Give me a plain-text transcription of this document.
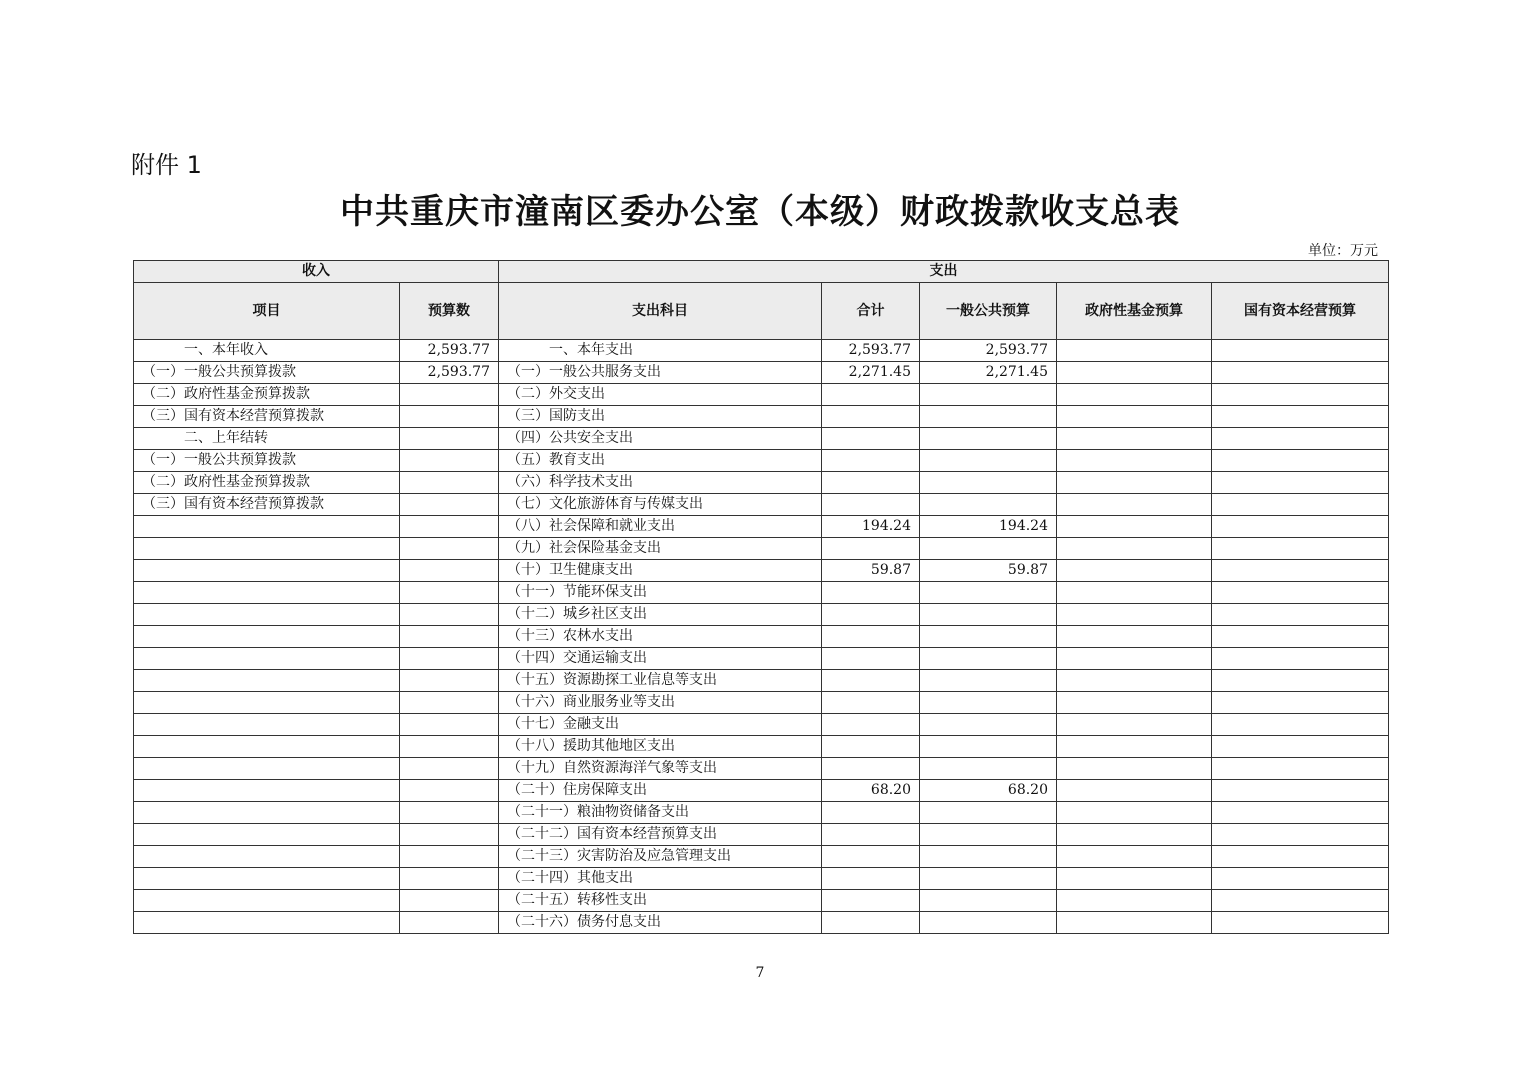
附件 1
中共重庆市潼南区委办公室（本级）财政拨款收支总表
单位：万元
收入		支出				
项目	预算数	支出科目	合计	一般公共预算	政府性基金预算	国有资本经营预算
一、本年收入	2,593.77	一、本年支出	2,593.77	2,593.77		
（一）一般公共预算拨款	2,593.77	（一）一般公共服务支出	2,271.45	2,271.45		
（二）政府性基金预算拨款		（二）外交支出				
（三）国有资本经营预算拨款		（三）国防支出				
二、上年结转		（四）公共安全支出				
（一）一般公共预算拨款		（五）教育支出				
（二）政府性基金预算拨款		（六）科学技术支出				
（三）国有资本经营预算拨款		（七）文化旅游体育与传媒支出				
		（八）社会保障和就业支出	194.24	194.24		
		（九）社会保险基金支出				
		（十）卫生健康支出	59.87	59.87		
		（十一）节能环保支出				
		（十二）城乡社区支出				
		（十三）农林水支出				
		（十四）交通运输支出				
		（十五）资源勘探工业信息等支出				
		（十六）商业服务业等支出				
		（十七）金融支出				
		（十八）援助其他地区支出				
		（十九）自然资源海洋气象等支出				
		（二十）住房保障支出	68.20	68.20		
		（二十一）粮油物资储备支出				
		（二十二）国有资本经营预算支出				
		（二十三）灾害防治及应急管理支出				
		（二十四）其他支出				
		（二十五）转移性支出				
		（二十六）债务付息支出				
7
